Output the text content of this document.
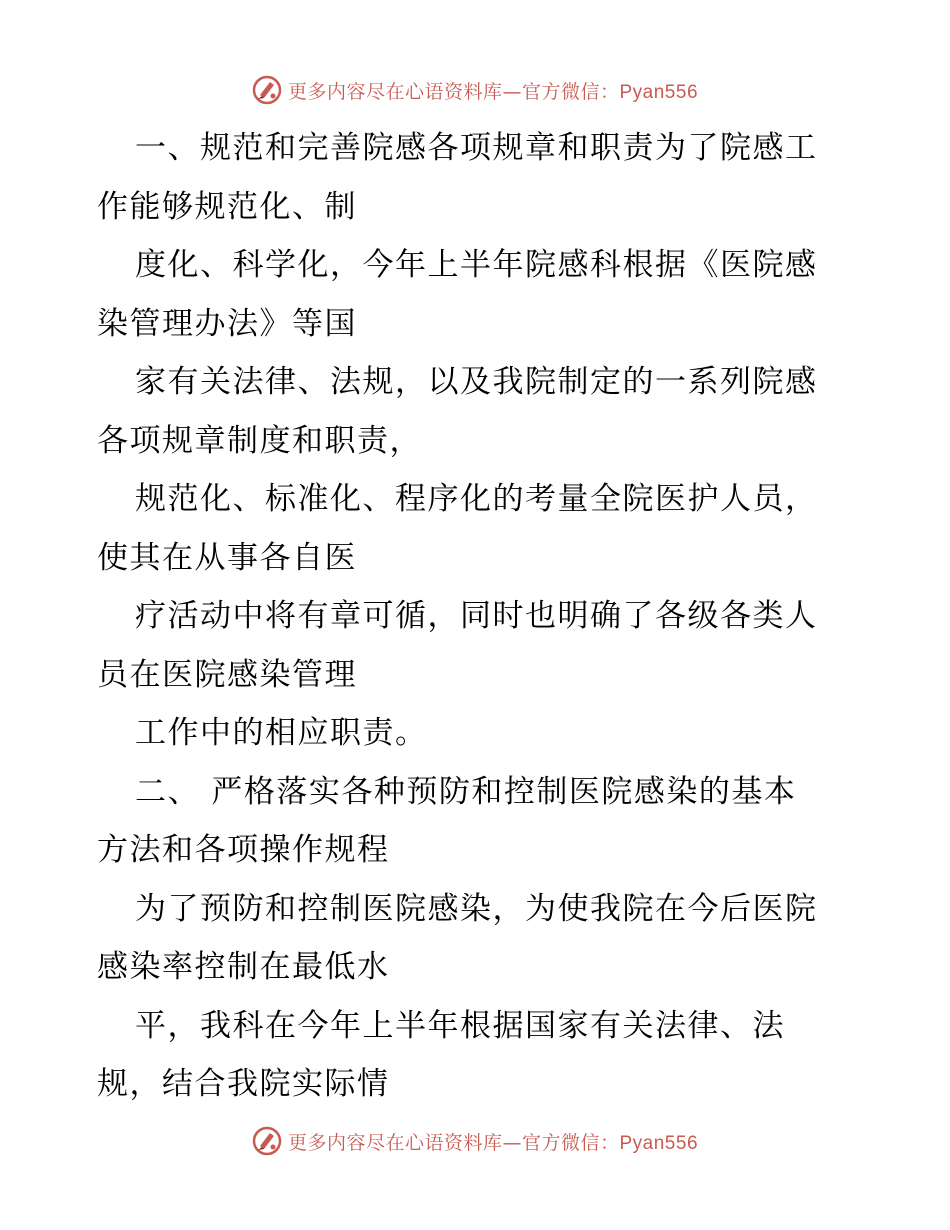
更多内容尽在心语资料库—官方微信：Pyan556
一、规范和完善院感各项规章和职责为了院感工
作能够规范化、制
度化、科学化，今年上半年院感科根据《医院感
染管理办法》等国
家有关法律、法规，以及我院制定的一系列院感
各项规章制度和职责，
规范化、标准化、程序化的考量全院医护人员，
使其在从事各自医
疗活动中将有章可循，同时也明确了各级各类人
员在医院感染管理
工作中的相应职责。
二、 严格落实各种预防和控制医院感染的基本
方法和各项操作规程
为了预防和控制医院感染，为使我院在今后医院
感染率控制在最低水
平，我科在今年上半年根据国家有关法律、法
规，结合我院实际情
更多内容尽在心语资料库—官方微信：Pyan556
